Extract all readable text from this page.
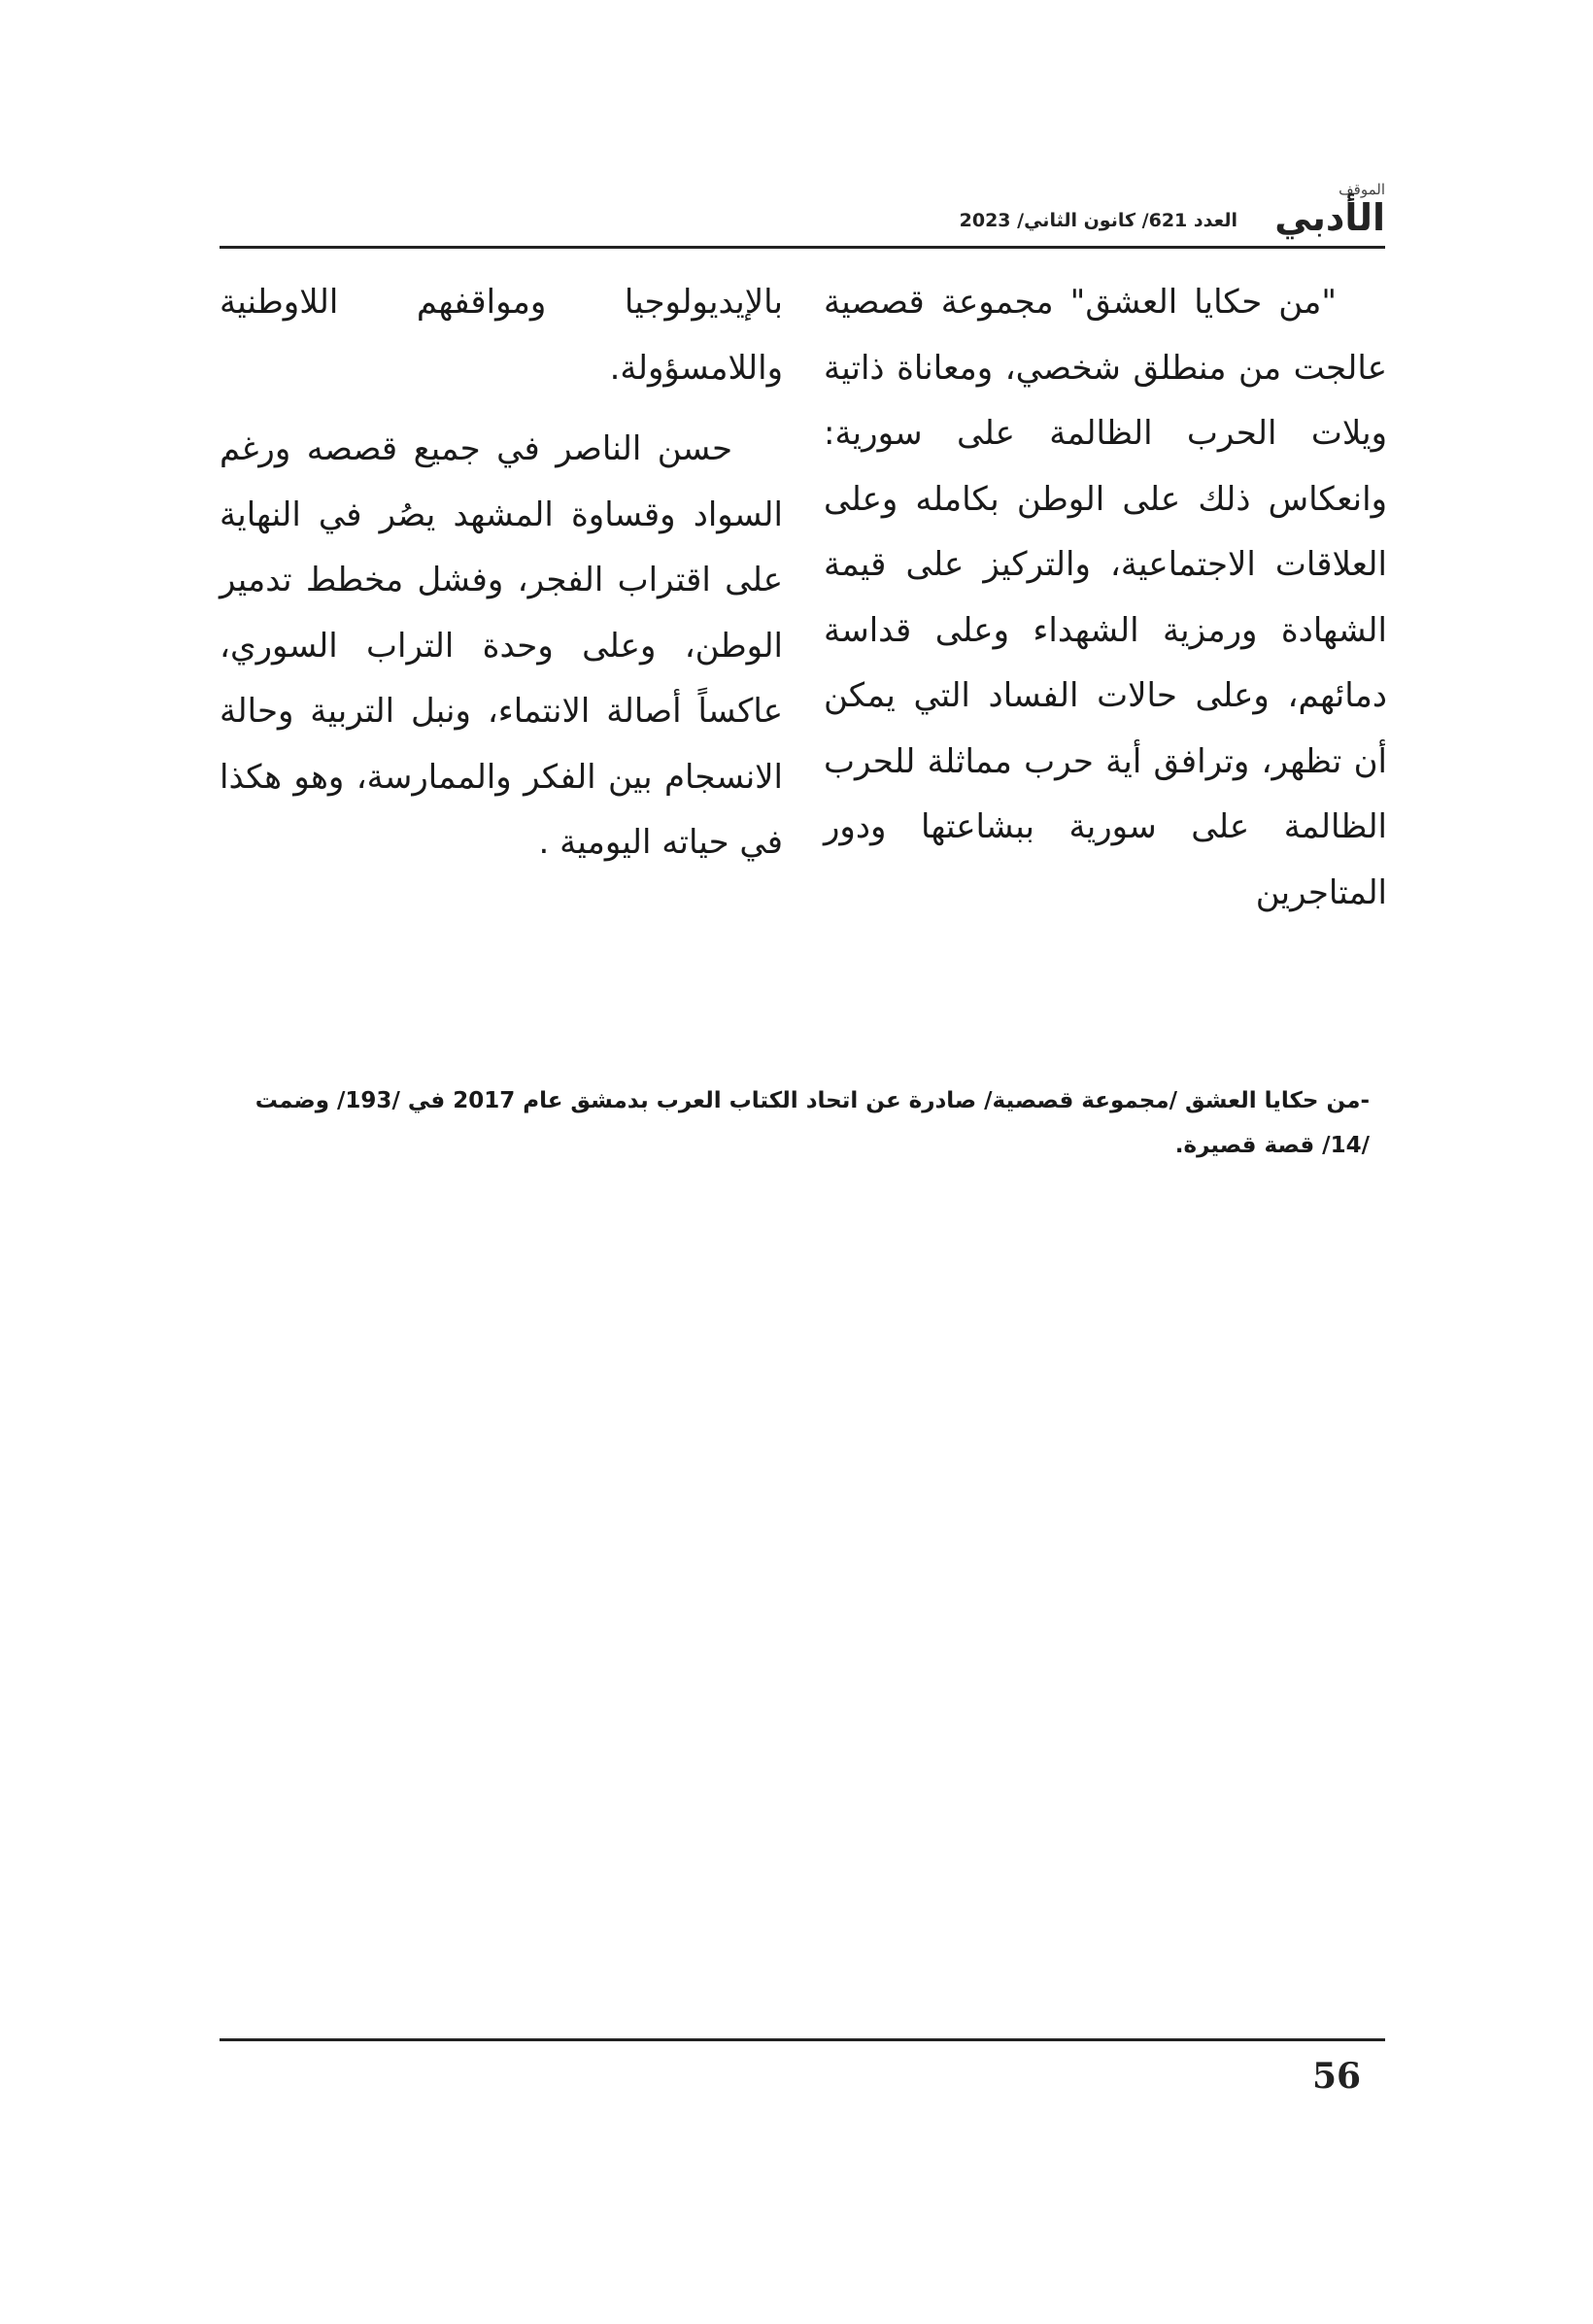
الموقف
الأدبي
العدد 621/ كانون الثاني/ 2023

"من حكايا العشق" مجموعة قصصية عالجت من منطلق شخصي، ومعاناة ذاتية ويلات الحرب الظالمة على سورية: وانعكاس ذلك على الوطن بكامله وعلى العلاقات الاجتماعية، والتركيز على قيمة الشهادة ورمزية الشهداء وعلى قداسة دمائهم، وعلى حالات الفساد التي يمكن أن تظهر، وترافق أية حرب مماثلة للحرب الظالمة على سورية ببشاعتها ودور المتاجرين

بالإيديولوجيا ومواقفهم اللاوطنية واللامسؤولة.

حسن الناصر في جميع قصصه ورغم السواد وقساوة المشهد يصُر في النهاية على اقتراب الفجر، وفشل مخطط تدمير الوطن، وعلى وحدة التراب السوري، عاكساً أصالة الانتماء، ونبل التربية وحالة الانسجام بين الفكر والممارسة، وهو هكذا في حياته اليومية .

-من حكايا العشق /مجموعة قصصية/ صادرة عن اتحاد الكتاب العرب بدمشق عام 2017 في /193/ وضمت /14/ قصة قصيرة.
56
